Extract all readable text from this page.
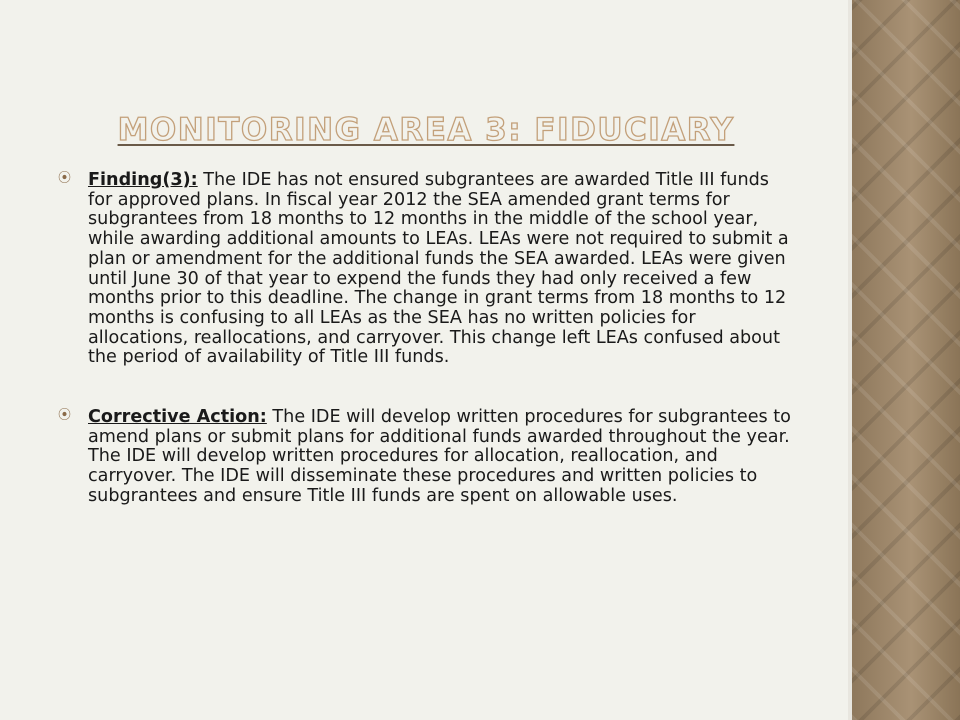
MONITORING AREA 3: FIDUCIARY
⦿ Finding(3): The IDE has not ensured subgrantees are awarded Title III funds for approved plans. In fiscal year 2012 the SEA amended grant terms for subgrantees from 18 months to 12 months in the middle of the school year, while awarding additional amounts to LEAs. LEAs were not required to submit a plan or amendment for the additional funds the SEA awarded. LEAs were given until June 30 of that year to expend the funds they had only received a few months prior to this deadline. The change in grant terms from 18 months to 12 months is confusing to all LEAs as the SEA has no written policies for allocations, reallocations, and carryover. This change left LEAs confused about the period of availability of Title III funds.
⦿ Corrective Action: The IDE will develop written procedures for subgrantees to amend plans or submit plans for additional funds awarded throughout the year. The IDE will develop written procedures for allocation, reallocation, and carryover. The IDE will disseminate these procedures and written policies to subgrantees and ensure Title III funds are spent on allowable uses.
